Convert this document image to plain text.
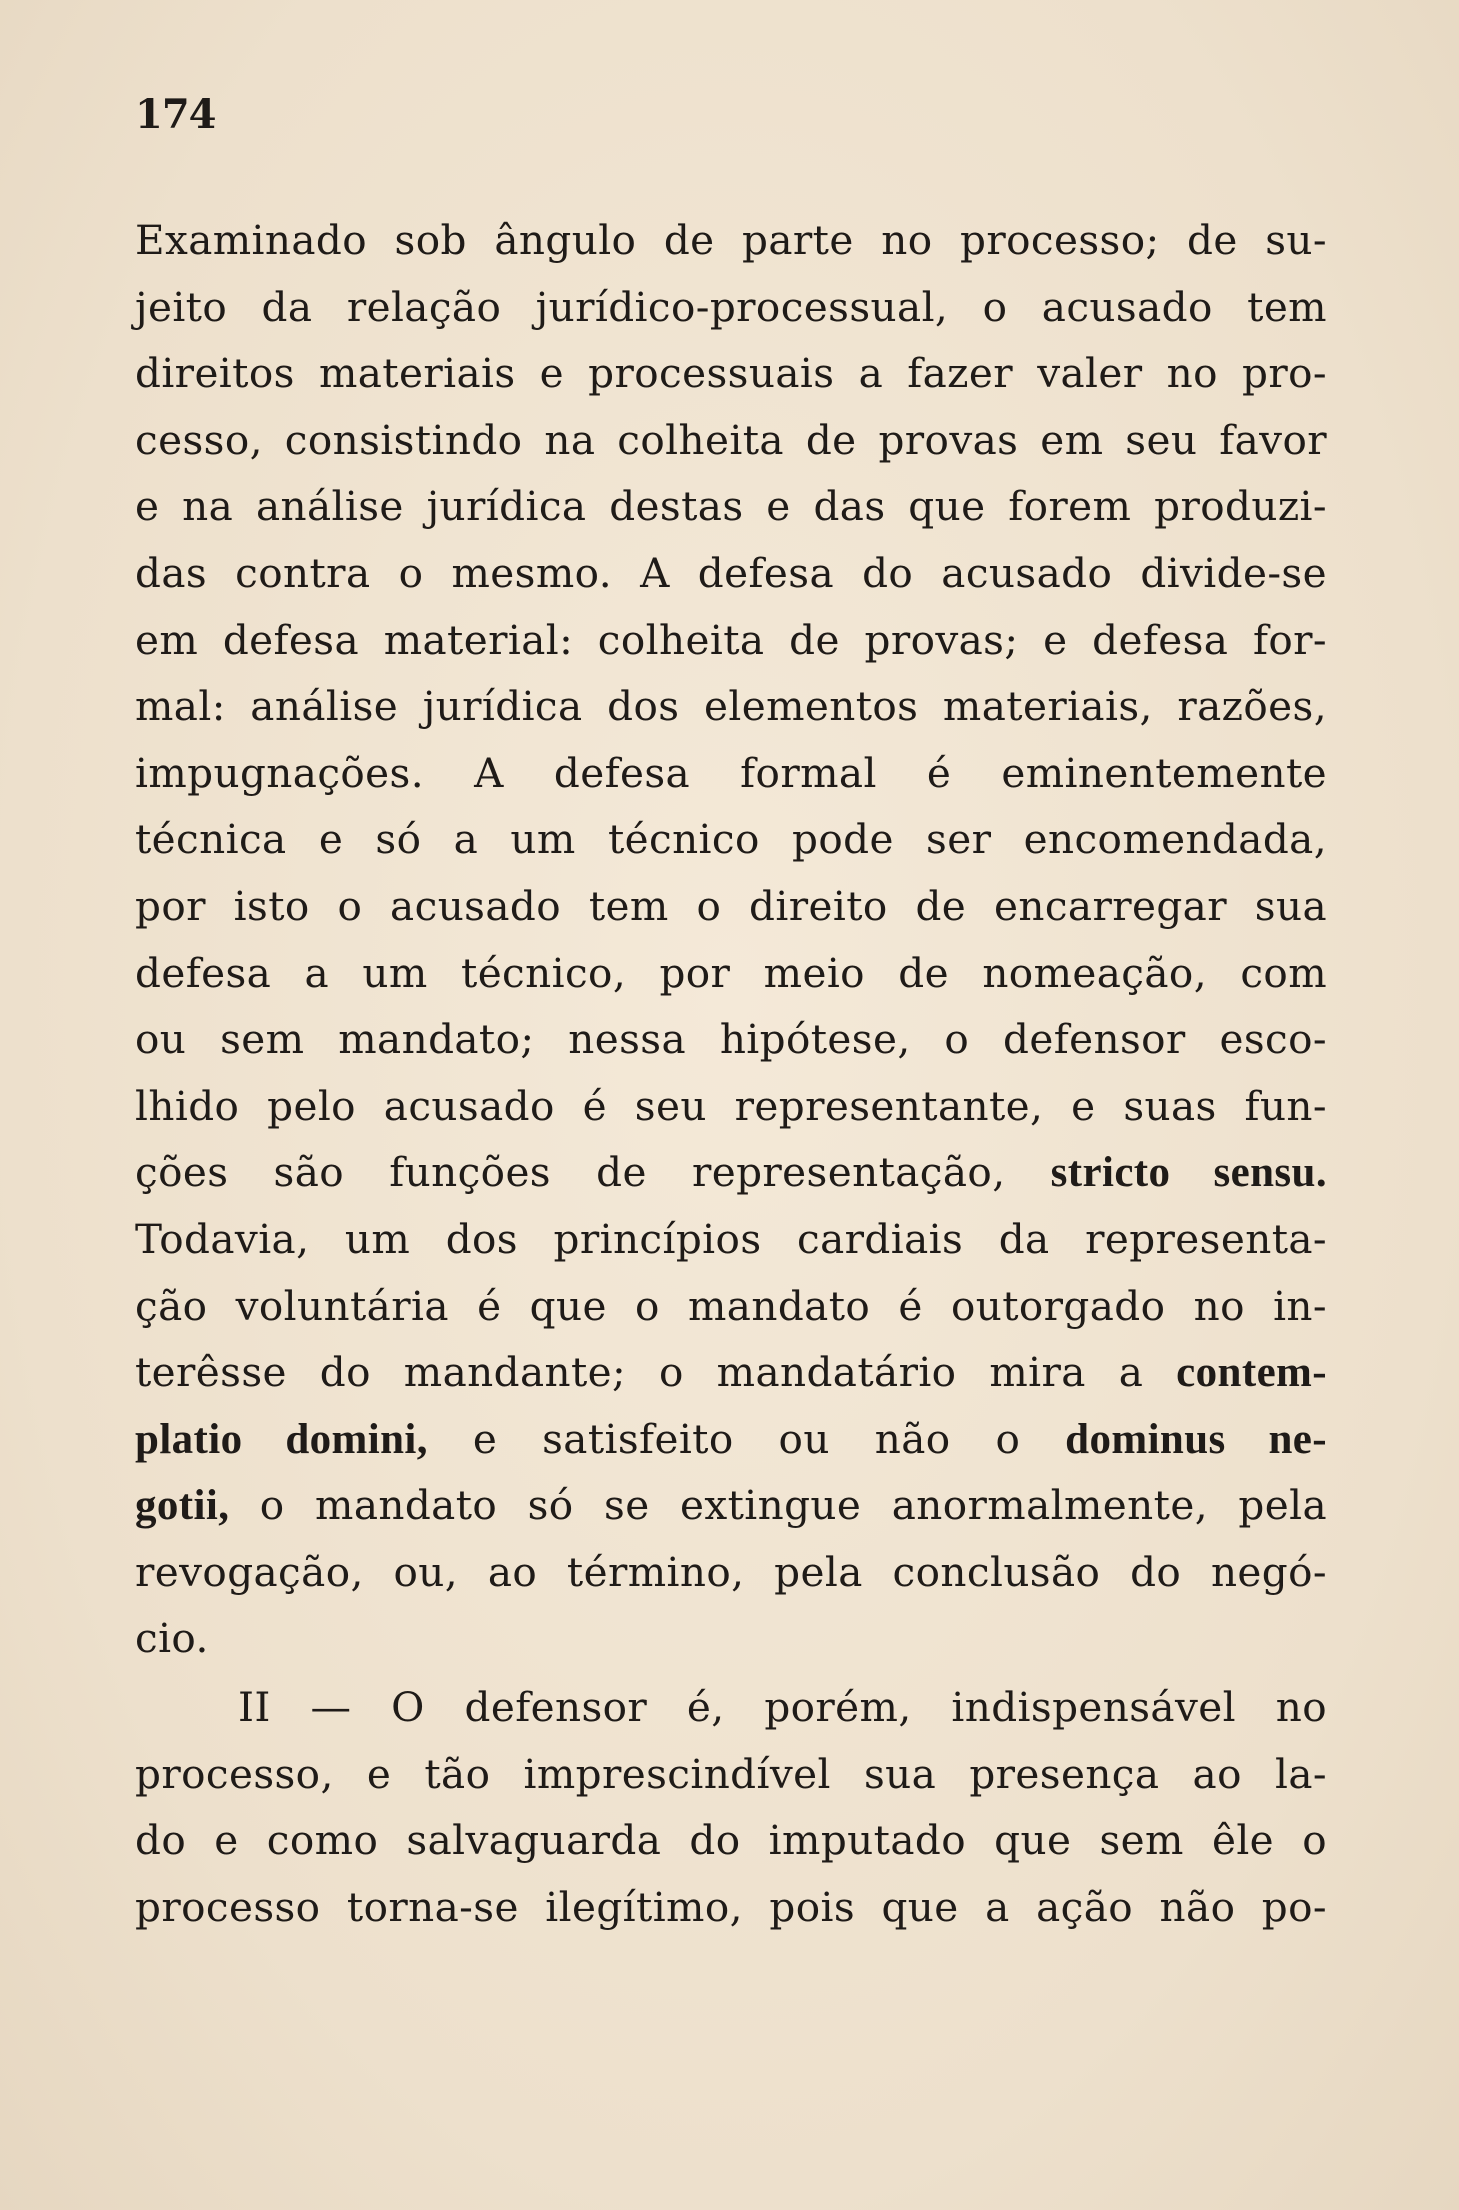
174
Examinado sob ângulo de parte no processo; de su-
jeito da relação jurídico-processual, o acusado tem
direitos materiais e processuais a fazer valer no pro-
cesso, consistindo na colheita de provas em seu favor
e na análise jurídica destas e das que forem produzi-
das contra o mesmo. A defesa do acusado divide-se
em defesa material: colheita de provas; e defesa for-
mal: análise jurídica dos elementos materiais, razões,
impugnações. A defesa formal é eminentemente
técnica e só a um técnico pode ser encomendada,
por isto o acusado tem o direito de encarregar sua
defesa a um técnico, por meio de nomeação, com
ou sem mandato; nessa hipótese, o defensor esco-
lhido pelo acusado é seu representante, e suas fun-
ções são funções de representação, stricto sensu.
Todavia, um dos princípios cardiais da representa-
ção voluntária é que o mandato é outorgado no in-
terêsse do mandante; o mandatário mira a contem-
platio domini, e satisfeito ou não o dominus ne-
gotii, o mandato só se extingue anormalmente, pela
revogação, ou, ao término, pela conclusão do negó-
cio.
II — O defensor é, porém, indispensável no
processo, e tão imprescindível sua presença ao la-
do e como salvaguarda do imputado que sem êle o
processo torna-se ilegítimo, pois que a ação não po-
